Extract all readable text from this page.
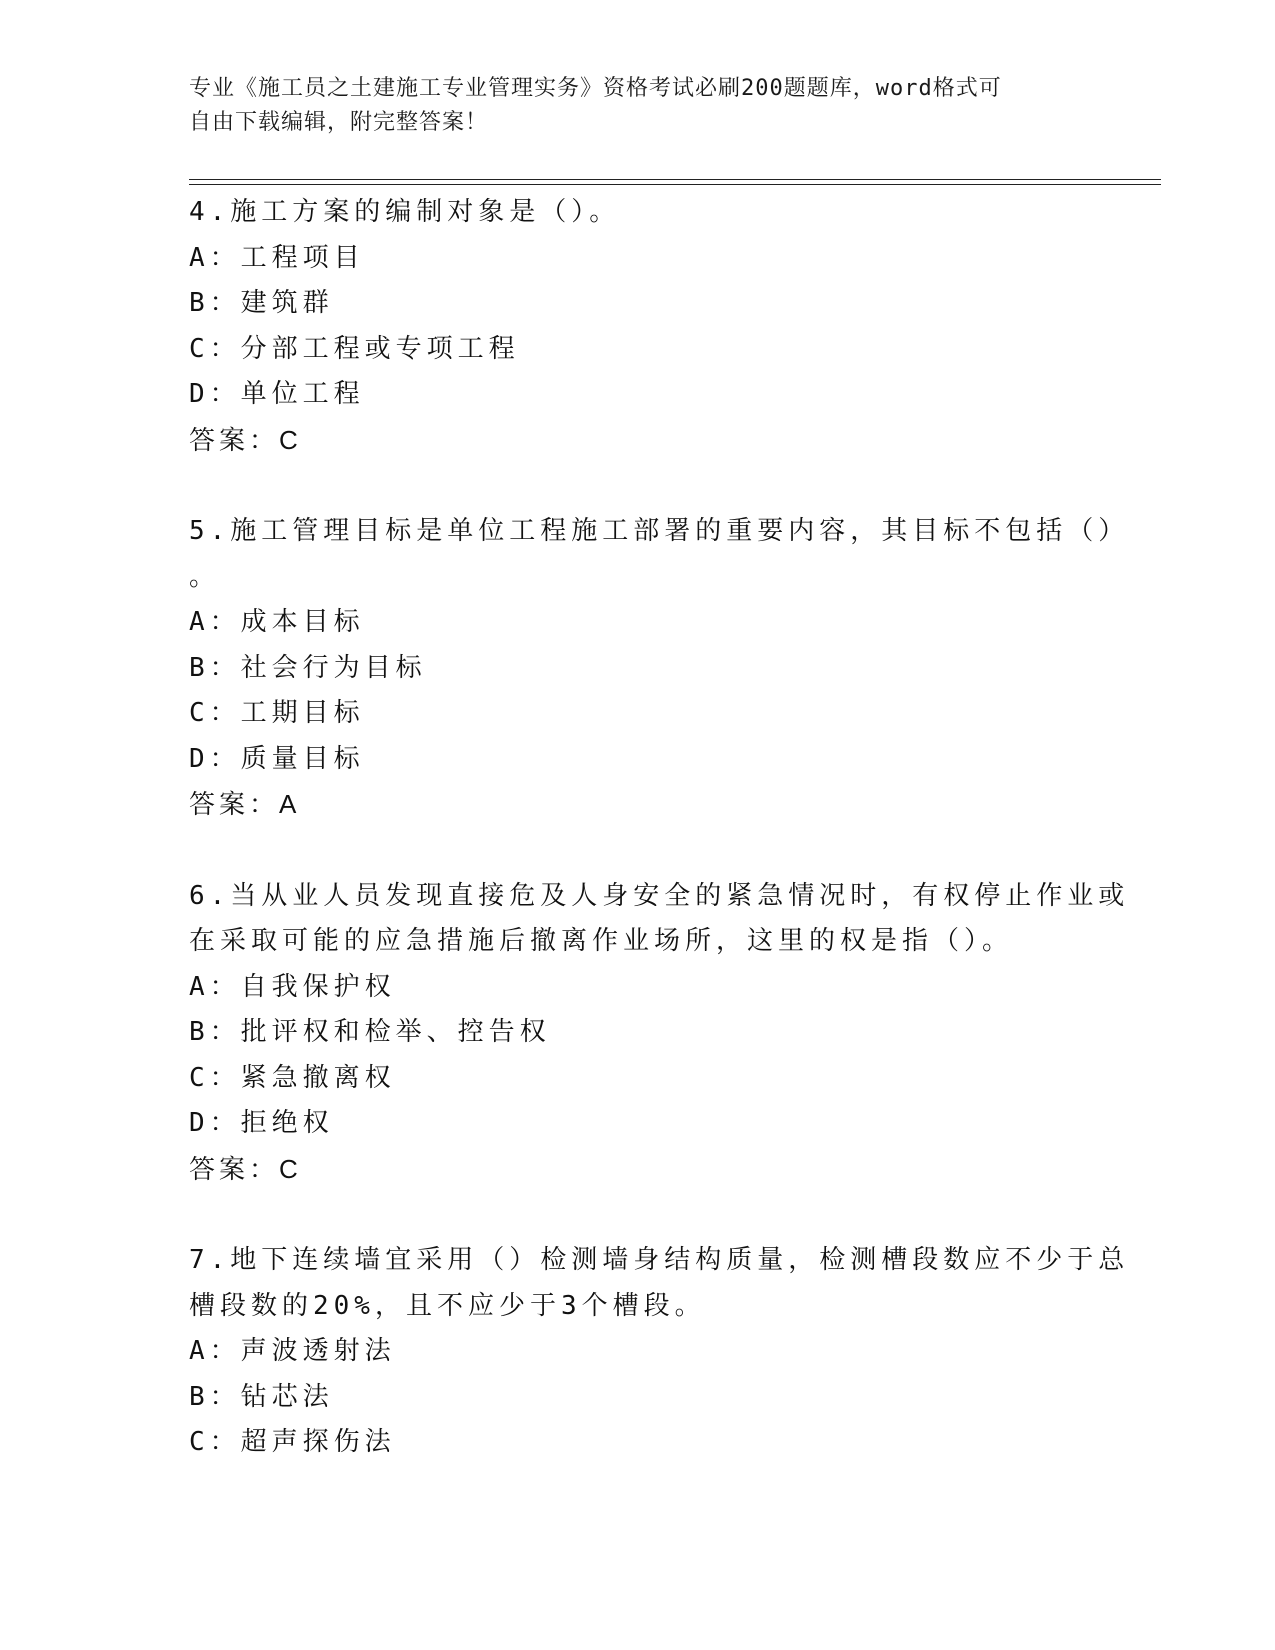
专业《施工员之土建施工专业管理实务》资格考试必刷200题题库，word格式可
自由下载编辑，附完整答案！
4.施工方案的编制对象是（）。
A：工程项目
B：建筑群
C：分部工程或专项工程
D：单位工程
答案：C
5.施工管理目标是单位工程施工部署的重要内容，其目标不包括（）
。
A：成本目标
B：社会行为目标
C：工期目标
D：质量目标
答案：A
6.当从业人员发现直接危及人身安全的紧急情况时，有权停止作业或
在采取可能的应急措施后撤离作业场所，这里的权是指（）。
A：自我保护权
B：批评权和检举、控告权
C：紧急撤离权
D：拒绝权
答案：C
7.地下连续墙宜采用（）检测墙身结构质量，检测槽段数应不少于总
槽段数的20%，且不应少于3个槽段。
A：声波透射法
B：钻芯法
C：超声探伤法
